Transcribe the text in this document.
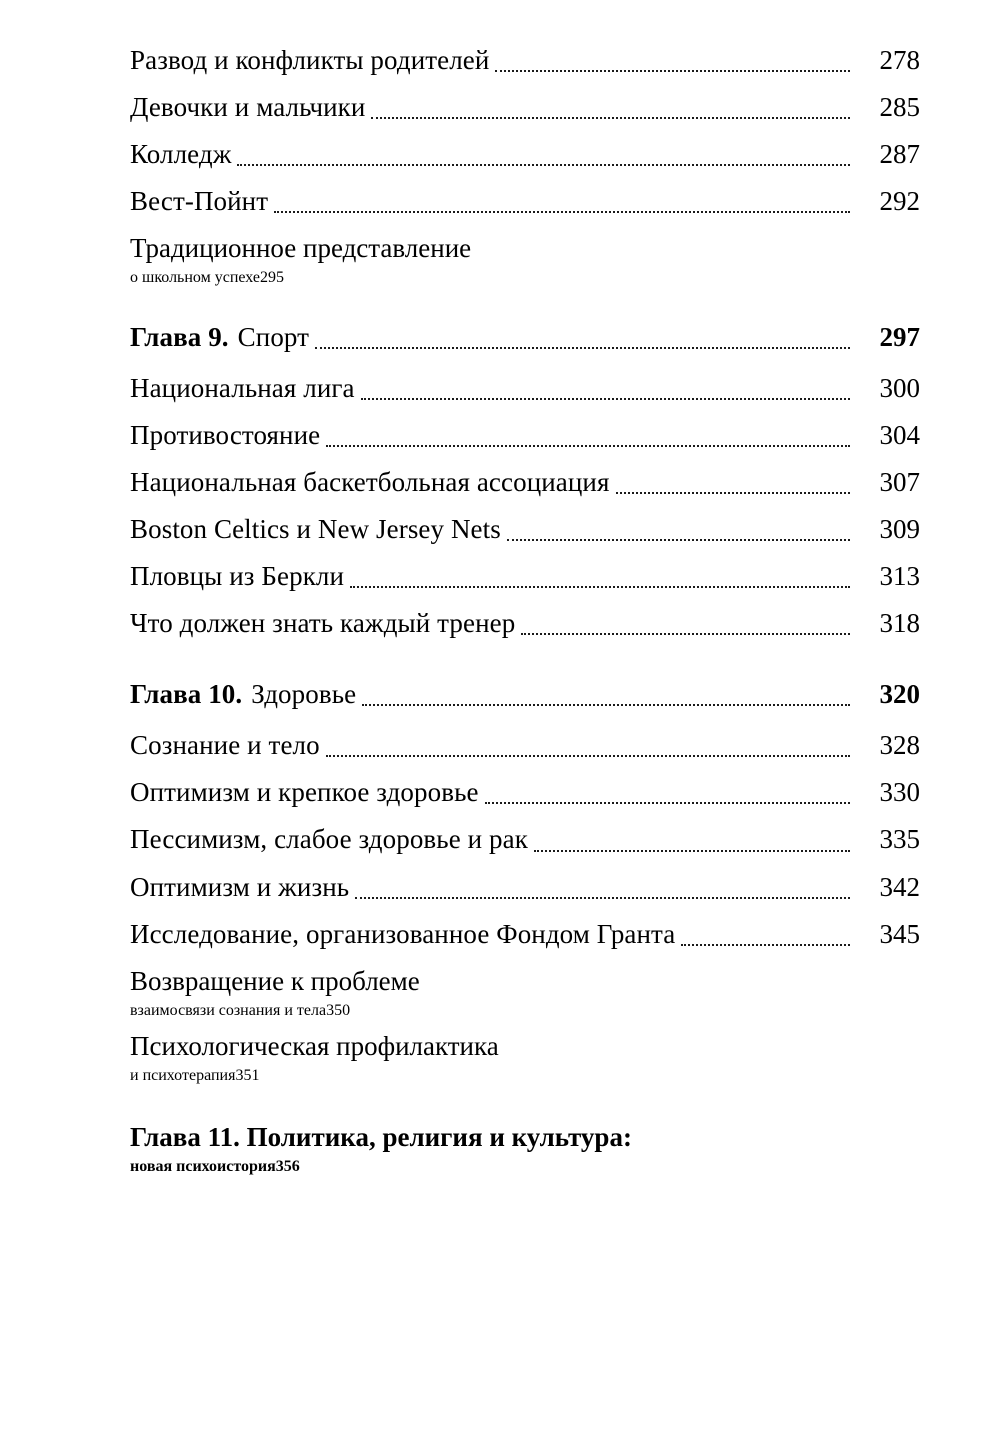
Развод и конфликты родителей	278
Девочки и мальчики	285
Колледж	287
Вест-Пойнт	292
Традиционное представление
о школьном успехе 295
Глава 9. Спорт	297
Национальная лига	300
Противостояние	304
Национальная баскетбольная ассоциация	307
Boston Celtics и New Jersey Nets	309
Пловцы из Беркли	313
Что должен знать каждый тренер	318
Глава 10. Здоровье	320
Сознание и тело	328
Оптимизм и крепкое здоровье	330
Пессимизм, слабое здоровье и рак	335
Оптимизм и жизнь	342
Исследование, организованное Фондом Гранта	345
Возвращение к проблеме
взаимосвязи сознания и тела 350
Психологическая профилактика
и психотерапия 351
Глава 11. Политика, религия и культура:
новая психоистория 356
